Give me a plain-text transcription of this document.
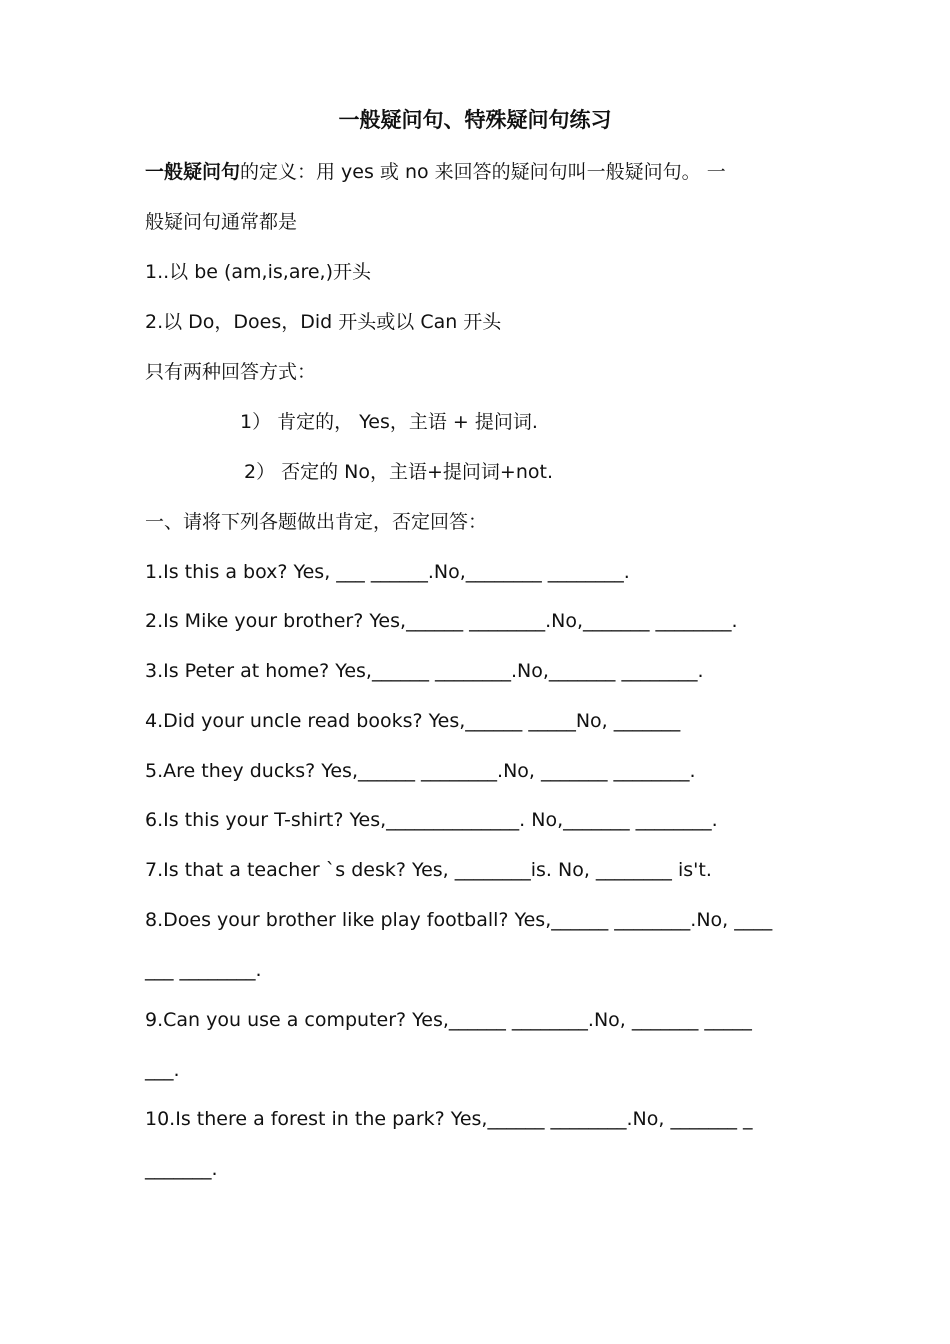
一般疑问句、特殊疑问句练习
一般疑问句的定义：用 yes 或 no 来回答的疑问句叫一般疑问句。 一
般疑问句通常都是
1..以 be (am,is,are,)开头
2.以 Do，Does，Did 开头或以 Can 开头
只有两种回答方式：
1） 肯定的， Yes，主语 + 提问词.
2） 否定的 No，主语+提问词+not.
一、请将下列各题做出肯定，否定回答：
1.Is this a box? Yes, ___ ______.No,________ ________.
2.Is Mike your brother? Yes,______ ________.No,_______ ________.
3.Is Peter at home? Yes,______ ________.No,_______ ________.
4.Did your uncle read books? Yes,______ _____No, _______
5.Are they ducks? Yes,______ ________.No, _______ ________.
6.Is this your T-shirt? Yes,______________. No,_______ ________.
7.Is that a teacher `s desk? Yes, ________is. No, ________ is't.
8.Does your brother like play football? Yes,______ ________.No, ____
___ ________.
9.Can you use a computer? Yes,______ ________.No, _______ _____
___.
10.Is there a forest in the park? Yes,______ ________.No, _______ _
_______.
